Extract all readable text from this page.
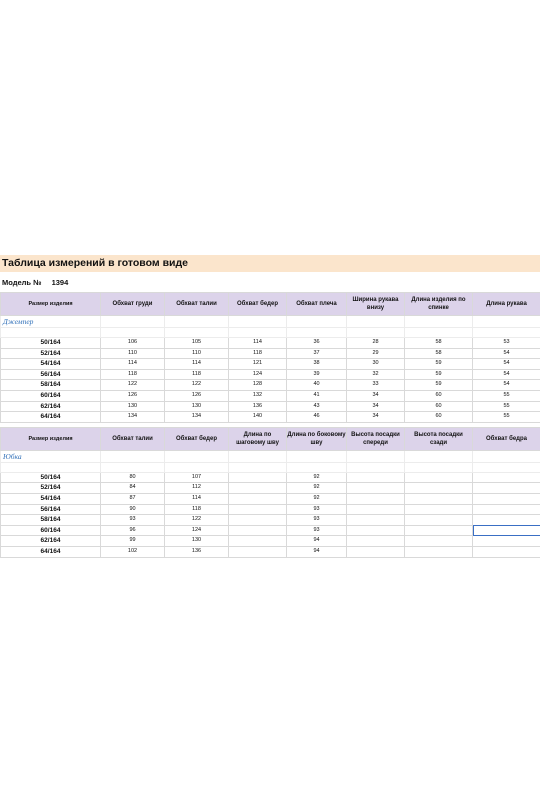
Таблица измерений в готовом виде
Модель № 1394
Размер изделия	Обхват груди	Обхват талии	Обхват бедер	Обхват плеча	Ширина рукава внизу	Длина изделия по спинке	Длина рукава
Джемпер							

50/164	106	105	114	36	28	58	53
52/164	110	110	118	37	29	58	54
54/164	114	114	121	38	30	59	54
56/164	118	118	124	39	32	59	54
58/164	122	122	128	40	33	59	54
60/164	126	126	132	41	34	60	55
62/164	130	130	136	43	34	60	55
64/164	134	134	140	46	34	60	55
Размер изделия	Обхват талии	Обхват бедер	Длина по шаговому шву	Длина по боковому шву	Высота посадки спереди	Высота посадки сзади	Обхват бедра
Юбка							

50/164	80	107		92			
52/164	84	112		92			
54/164	87	114		92			
56/164	90	118		93			
58/164	93	122		93			
60/164	96	124		93			
62/164	99	130		94			
64/164	102	136		94			
